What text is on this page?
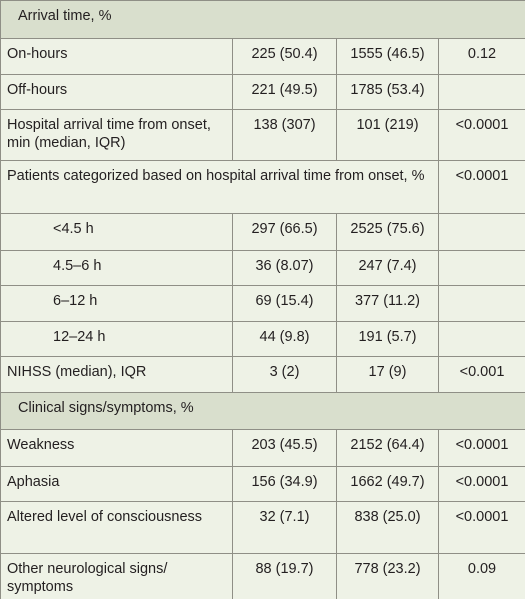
Arrival time, %			
On-hours	225 (50.4)	1555 (46.5)	0.12
Off-hours	221 (49.5)	1785 (53.4)	
Hospital arrival time from onset, min (median, IQR)	138 (307)	101 (219)	<0.0001
Patients categorized based on hospital arrival time from onset, %			<0.0001
<4.5 h	297 (66.5)	2525 (75.6)	
4.5–6 h	36 (8.07)	247 (7.4)	
6–12 h	69 (15.4)	377 (11.2)	
12–24 h	44 (9.8)	191 (5.7)	
NIHSS (median), IQR	3 (2)	17 (9)	<0.001
Clinical signs/symptoms, %			
Weakness	203 (45.5)	2152 (64.4)	<0.0001
Aphasia	156 (34.9)	1662 (49.7)	<0.0001
Altered level of consciousness	32 (7.1)	838 (25.0)	<0.0001
Other neurological signs/ symptoms	88 (19.7)	778 (23.2)	0.09
